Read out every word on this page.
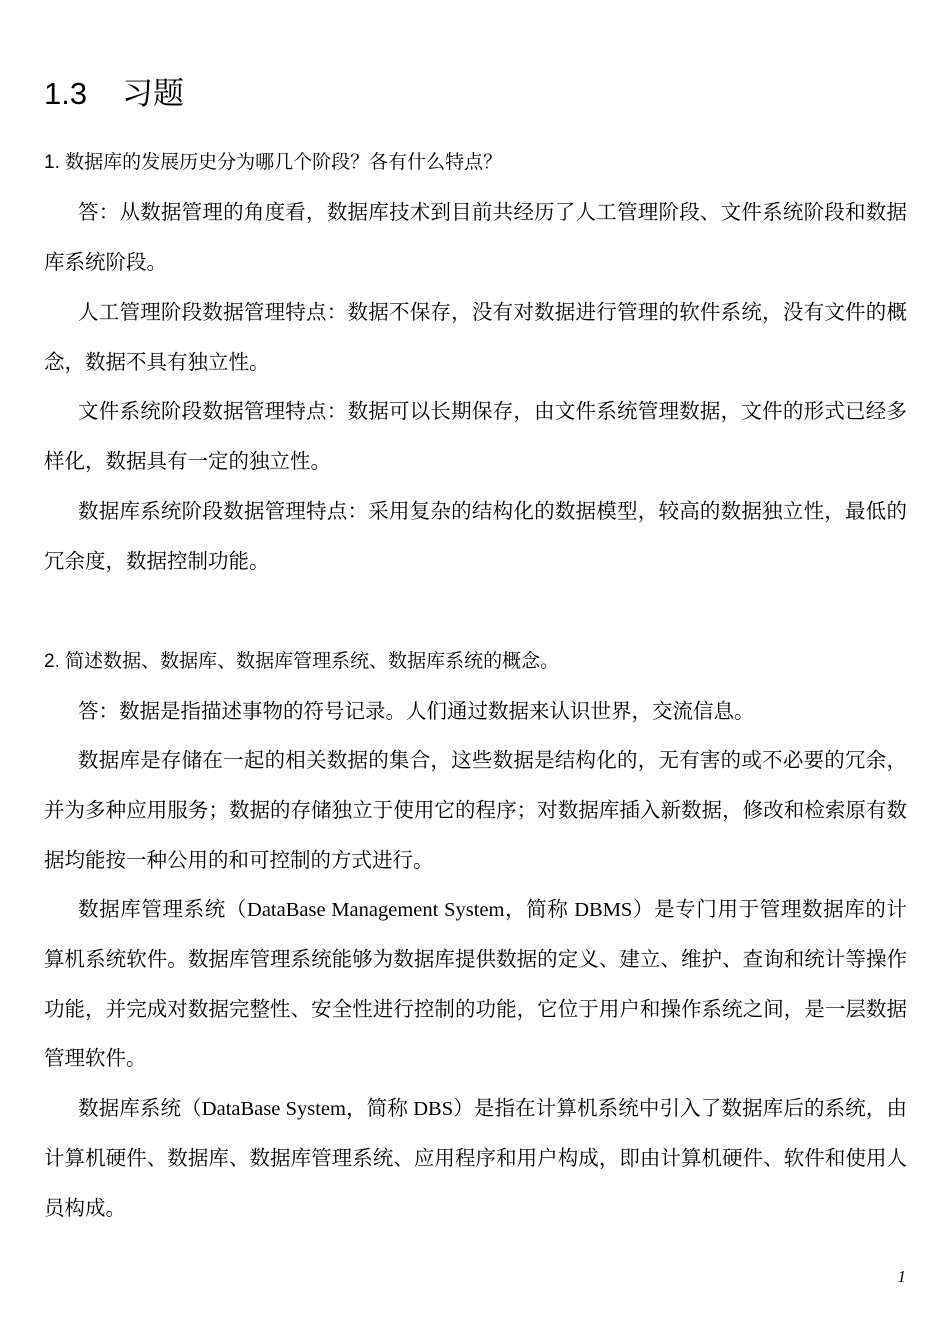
1.3 习题

1. 数据库的发展历史分为哪几个阶段？各有什么特点？

答：从数据管理的角度看，数据库技术到目前共经历了人工管理阶段、文件系统阶段和数据库系统阶段。

人工管理阶段数据管理特点：数据不保存，没有对数据进行管理的软件系统，没有文件的概念，数据不具有独立性。

文件系统阶段数据管理特点：数据可以长期保存，由文件系统管理数据，文件的形式已经多样化，数据具有一定的独立性。

数据库系统阶段数据管理特点：采用复杂的结构化的数据模型，较高的数据独立性，最低的冗余度，数据控制功能。

2. 简述数据、数据库、数据库管理系统、数据库系统的概念。

答：数据是指描述事物的符号记录。人们通过数据来认识世界，交流信息。

数据库是存储在一起的相关数据的集合，这些数据是结构化的，无有害的或不必要的冗余，并为多种应用服务；数据的存储独立于使用它的程序；对数据库插入新数据，修改和检索原有数据均能按一种公用的和可控制的方式进行。

数据库管理系统（DataBase Management System，简称 DBMS）是专门用于管理数据库的计算机系统软件。数据库管理系统能够为数据库提供数据的定义、建立、维护、查询和统计等操作功能，并完成对数据完整性、安全性进行控制的功能，它位于用户和操作系统之间，是一层数据管理软件。

数据库系统（DataBase System，简称 DBS）是指在计算机系统中引入了数据库后的系统，由计算机硬件、数据库、数据库管理系统、应用程序和用户构成，即由计算机硬件、软件和使用人员构成。

1
